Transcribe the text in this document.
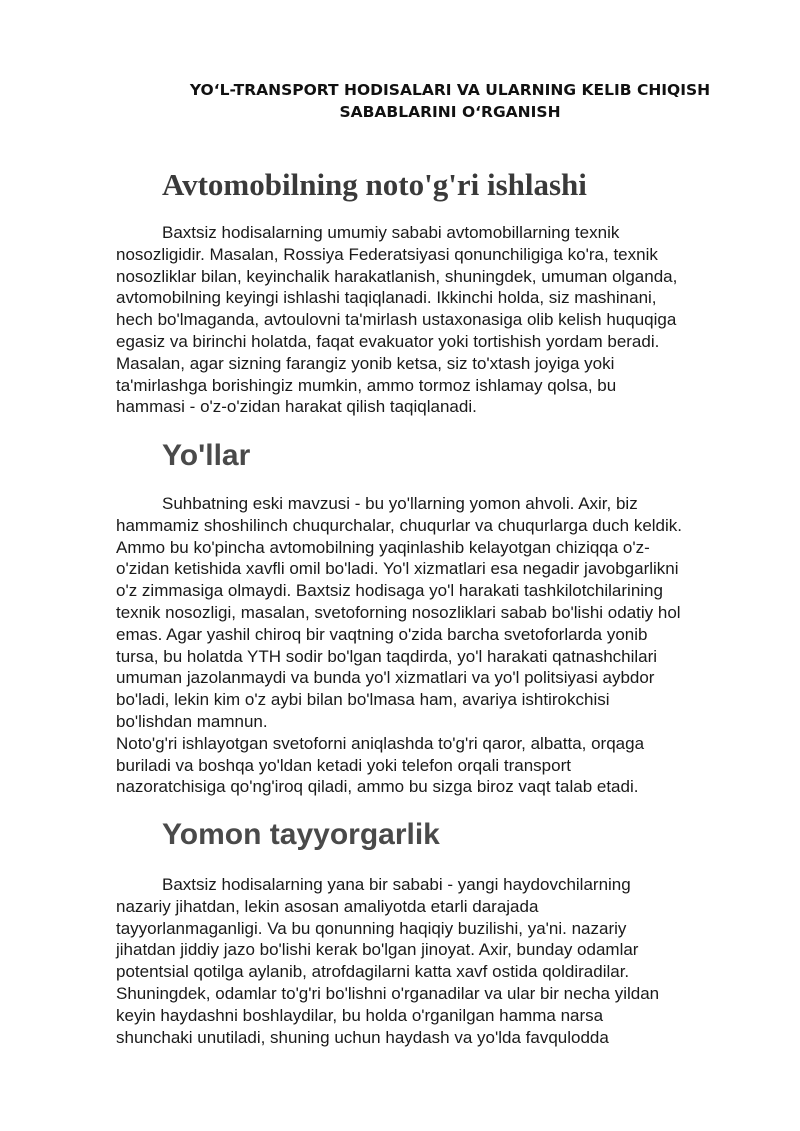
YO‘L-TRANSPORT HODISALARI VA ULARNING KELIB CHIQISH
SABABLARINI O‘RGANISH
Avtomobilning noto'g'ri ishlashi

Baxtsiz hodisalarning umumiy sababi avtomobillarning texnik
nosozligidir. Masalan, Rossiya Federatsiyasi qonunchiligiga ko'ra, texnik
nosozliklar bilan, keyinchalik harakatlanish, shuningdek, umuman olganda,
avtomobilning keyingi ishlashi taqiqlanadi. Ikkinchi holda, siz mashinani,
hech bo'lmaganda, avtoulovni ta'mirlash ustaxonasiga olib kelish huquqiga
egasiz va birinchi holatda, faqat evakuator yoki tortishish yordam beradi.
Masalan, agar sizning farangiz yonib ketsa, siz to'xtash joyiga yoki
ta'mirlashga borishingiz mumkin, ammo tormoz ishlamay qolsa, bu
hammasi - o'z-o'zidan harakat qilish taqiqlanadi.

Yo'llar

Suhbatning eski mavzusi - bu yo'llarning yomon ahvoli. Axir, biz
hammamiz shoshilinch chuqurchalar, chuqurlar va chuqurlarga duch keldik.
Ammo bu ko'pincha avtomobilning yaqinlashib kelayotgan chiziqqa o'z-
o'zidan ketishida xavfli omil bo'ladi. Yo'l xizmatlari esa negadir javobgarlikni
o'z zimmasiga olmaydi. Baxtsiz hodisaga yo'l harakati tashkilotchilarining
texnik nosozligi, masalan, svetoforning nosozliklari sabab bo'lishi odatiy hol
emas. Agar yashil chiroq bir vaqtning o'zida barcha svetoforlarda yonib
tursa, bu holatda YTH sodir bo'lgan taqdirda, yo'l harakati qatnashchilari
umuman jazolanmaydi va bunda yo'l xizmatlari va yo'l politsiyasi aybdor
bo'ladi, lekin kim o'z aybi bilan bo'lmasa ham, avariya ishtirokchisi
bo'lishdan mamnun.
Noto'g'ri ishlayotgan svetoforni aniqlashda to'g'ri qaror, albatta, orqaga
buriladi va boshqa yo'ldan ketadi yoki telefon orqali transport
nazoratchisiga qo'ng'iroq qiladi, ammo bu sizga biroz vaqt talab etadi.

Yomon tayyorgarlik

Baxtsiz hodisalarning yana bir sababi - yangi haydovchilarning
nazariy jihatdan, lekin asosan amaliyotda etarli darajada
tayyorlanmaganligi. Va bu qonunning haqiqiy buzilishi, ya'ni. nazariy
jihatdan jiddiy jazo bo'lishi kerak bo'lgan jinoyat. Axir, bunday odamlar
potentsial qotilga aylanib, atrofdagilarni katta xavf ostida qoldiradilar.
Shuningdek, odamlar to'g'ri bo'lishni o'rganadilar va ular bir necha yildan
keyin haydashni boshlaydilar, bu holda o'rganilgan hamma narsa
shunchaki unutiladi, shuning uchun haydash va yo'lda favqulodda
